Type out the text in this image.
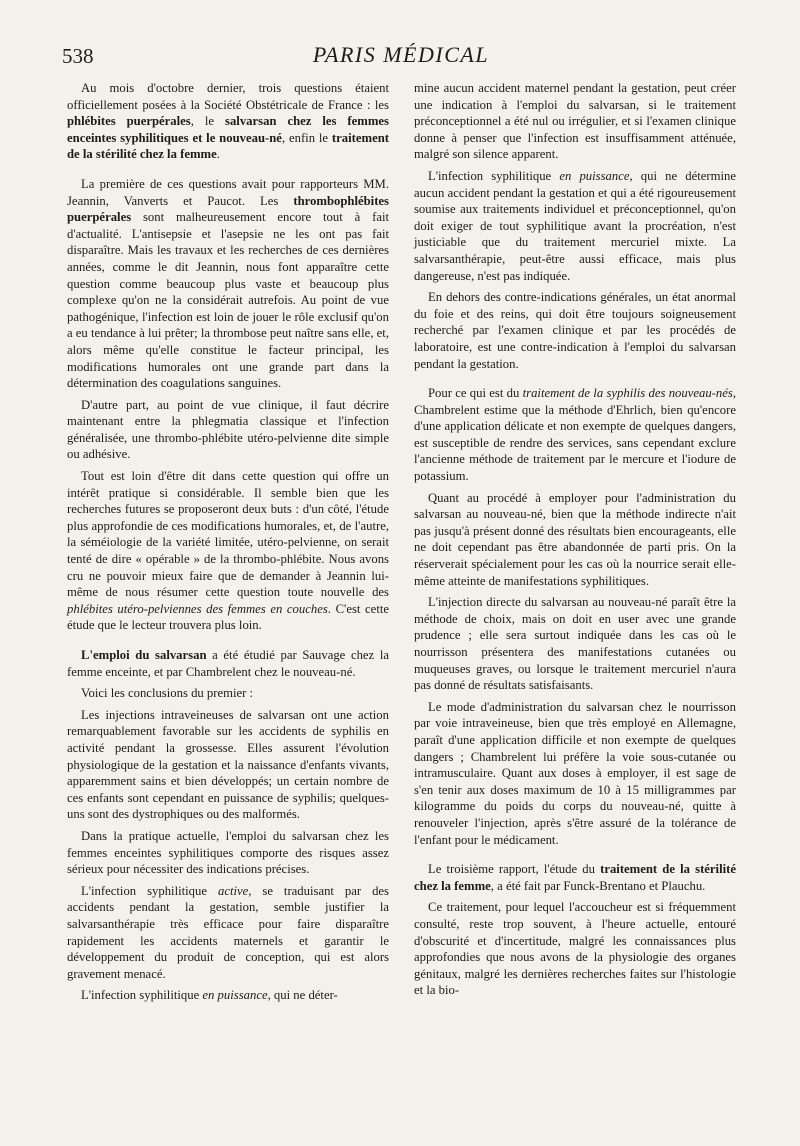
538	PARIS MÉDICAL

Au mois d'octobre dernier, trois questions étaient officiellement posées à la Société Obstétricale de France : les phlébites puerpérales, le salvarsan chez les femmes enceintes syphilitiques et le nouveau-né, enfin le traitement de la stérilité chez la femme.

La première de ces questions avait pour rapporteurs MM. Jeannin, Vanverts et Paucot. Les thrombophlébites puerpérales sont malheureusement encore tout à fait d'actualité. L'antisepsie et l'asepsie ne les ont pas fait disparaître. Mais les travaux et les recherches de ces dernières années, comme le dit Jeannin, nous font apparaître cette question comme beaucoup plus vaste et beaucoup plus complexe qu'on ne la considérait autrefois. Au point de vue pathogénique, l'infection est loin de jouer le rôle exclusif qu'on a eu tendance à lui prêter; la thrombose peut naître sans elle, et, alors même qu'elle constitue le facteur principal, les modifications humorales ont une grande part dans la détermination des coagulations sanguines.

D'autre part, au point de vue clinique, il faut décrire maintenant entre la phlegmatia classique et l'infection généralisée, une thrombo-phlébite utéro-pelvienne dite simple ou adhésive.

Tout est loin d'être dit dans cette question qui offre un intérêt pratique si considérable. Il semble bien que les recherches futures se proposeront deux buts : d'un côté, l'étude plus approfondie de ces modifications humorales, et, de l'autre, la séméiologie de la variété limitée, utéro-pelvienne, on serait tenté de dire « opérable » de la thrombo-phlébite. Nous avons cru ne pouvoir mieux faire que de demander à Jeannin lui-même de nous résumer cette question toute nouvelle des phlébites utéro-pelviennes des femmes en couches. C'est cette étude que le lecteur trouvera plus loin.

L'emploi du salvarsan a été étudié par Sauvage chez la femme enceinte, et par Chambrelent chez le nouveau-né.

Voici les conclusions du premier :

Les injections intraveineuses de salvarsan ont une action remarquablement favorable sur les accidents de syphilis en activité pendant la grossesse. Elles assurent l'évolution physiologique de la gestation et la naissance d'enfants vivants, apparemment sains et bien développés; un certain nombre de ces enfants sont cependant en puissance de syphilis; quelques-uns sont des dystrophiques ou des malformés.

Dans la pratique actuelle, l'emploi du salvarsan chez les femmes enceintes syphilitiques comporte des risques assez sérieux pour nécessiter des indications précises.

L'infection syphilitique active, se traduisant par des accidents pendant la gestation, semble justifier la salvarsanthérapie très efficace pour faire disparaître rapidement les accidents maternels et garantir le développement du produit de conception, qui est alors gravement menacé.

L'infection syphilitique en puissance, qui ne déter-

mine aucun accident maternel pendant la gestation, peut créer une indication à l'emploi du salvarsan, si le traitement préconceptionnel a été nul ou irrégulier, et si l'examen clinique donne à penser que l'infection est insuffisamment atténuée, malgré son silence apparent.

L'infection syphilitique en puissance, qui ne détermine aucun accident pendant la gestation et qui a été rigoureusement soumise aux traitements individuel et préconceptionnel, qu'on doit exiger de tout syphilitique avant la procréation, n'est justiciable que du traitement mercuriel mixte. La salvarsanthérapie, peut-être aussi efficace, mais plus dangereuse, n'est pas indiquée.

En dehors des contre-indications générales, un état anormal du foie et des reins, qui doit être toujours soigneusement recherché par l'examen clinique et par les procédés de laboratoire, est une contre-indication à l'emploi du salvarsan pendant la gestation.

Pour ce qui est du traitement de la syphilis des nouveau-nés, Chambrelent estime que la méthode d'Ehrlich, bien qu'encore d'une application délicate et non exempte de quelques dangers, est susceptible de rendre des services, sans cependant exclure l'ancienne méthode de traitement par le mercure et l'iodure de potassium.

Quant au procédé à employer pour l'administration du salvarsan au nouveau-né, bien que la méthode indirecte n'ait pas jusqu'à présent donné des résultats bien encourageants, elle ne doit cependant pas être abandonnée de parti pris. On la réserverait spécialement pour les cas où la nourrice serait elle-même atteinte de manifestations syphilitiques.

L'injection directe du salvarsan au nouveau-né paraît être la méthode de choix, mais on doit en user avec une grande prudence ; elle sera surtout indiquée dans les cas où le nourrisson présentera des manifestations cutanées ou muqueuses graves, ou lorsque le traitement mercuriel n'aura pas donné de résultats satisfaisants.

Le mode d'administration du salvarsan chez le nourrisson par voie intraveineuse, bien que très employé en Allemagne, paraît d'une application difficile et non exempte de quelques dangers ; Chambrelent lui préfère la voie sous-cutanée ou intramusculaire. Quant aux doses à employer, il est sage de s'en tenir aux doses maximum de 10 à 15 milligrammes par kilogramme du poids du corps du nouveau-né, quitte à renouveler l'injection, après s'être assuré de la tolérance de l'enfant pour le médicament.

Le troisième rapport, l'étude du traitement de la stérilité chez la femme, a été fait par Funck-Brentano et Plauchu.

Ce traitement, pour lequel l'accoucheur est si fréquemment consulté, reste trop souvent, à l'heure actuelle, entouré d'obscurité et d'incertitude, malgré les connaissances plus approfondies que nous avons de la physiologie des organes génitaux, malgré les dernières recherches faites sur l'histologie et la bio-
